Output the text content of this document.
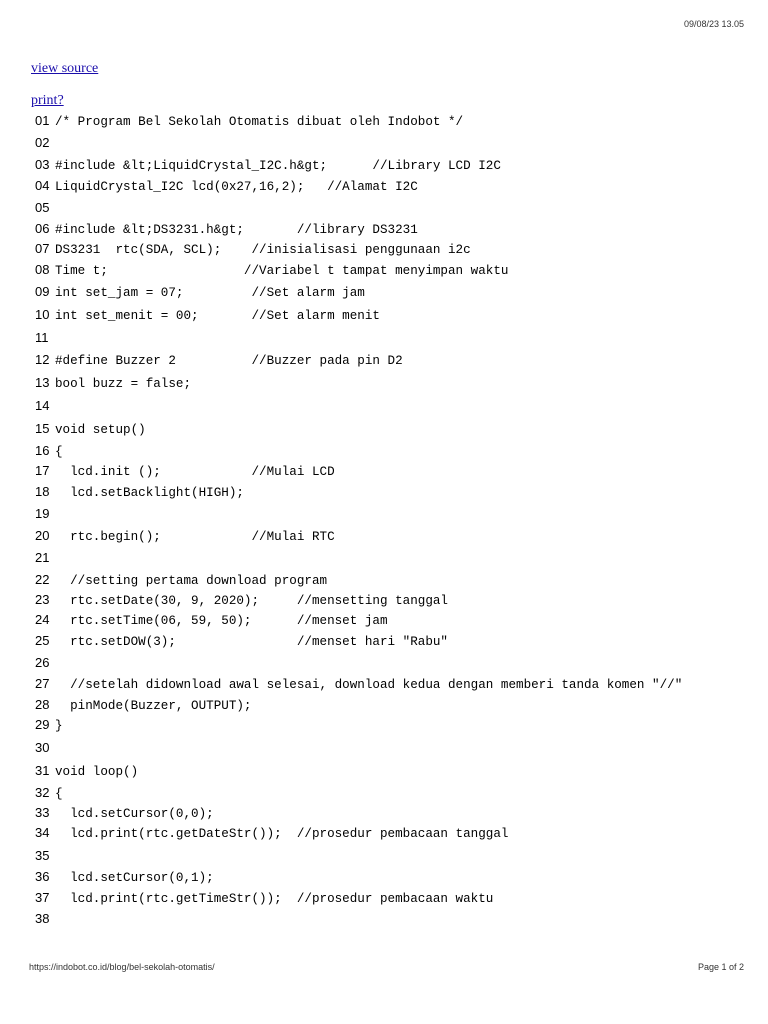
09/08/23 13.05
view source
print?
01 /* Program Bel Sekolah Otomatis dibuat oleh Indobot */
02
03 #include &lt;LiquidCrystal_I2C.h&gt;      //Library LCD I2C
04 LiquidCrystal_I2C lcd(0x27,16,2);   //Alamat I2C
05
06 #include &lt;DS3231.h&gt;       //library DS3231
07 DS3231  rtc(SDA, SCL);    //inisialisasi penggunaan i2c
08 Time t;                  //Variabel t tampat menyimpan waktu
09 int set_jam = 07;         //Set alarm jam
10 int set_menit = 00;       //Set alarm menit
11
12 #define Buzzer 2          //Buzzer pada pin D2
13 bool buzz = false;
14
15 void setup()
16 {
17 lcd.init ();            //Mulai LCD
18 lcd.setBacklight(HIGH);
19
20 rtc.begin();            //Mulai RTC
21
22 //setting pertama download program
23 rtc.setDate(30, 9, 2020);     //mensetting tanggal
24 rtc.setTime(06, 59, 50);      //menset jam
25 rtc.setDOW(3);                //menset hari "Rabu"
26
27 //setelah didownload awal selesai, download kedua dengan memberi tanda komen "//"
28 pinMode(Buzzer, OUTPUT);
29 }
30
31 void loop()
32 {
33 lcd.setCursor(0,0);
34 lcd.print(rtc.getDateStr());  //prosedur pembacaan tanggal
35
36 lcd.setCursor(0,1);
37 lcd.print(rtc.getTimeStr());  //prosedur pembacaan waktu
38
https://indobot.co.id/blog/bel-sekolah-otomatis/	Page 1 of 2
